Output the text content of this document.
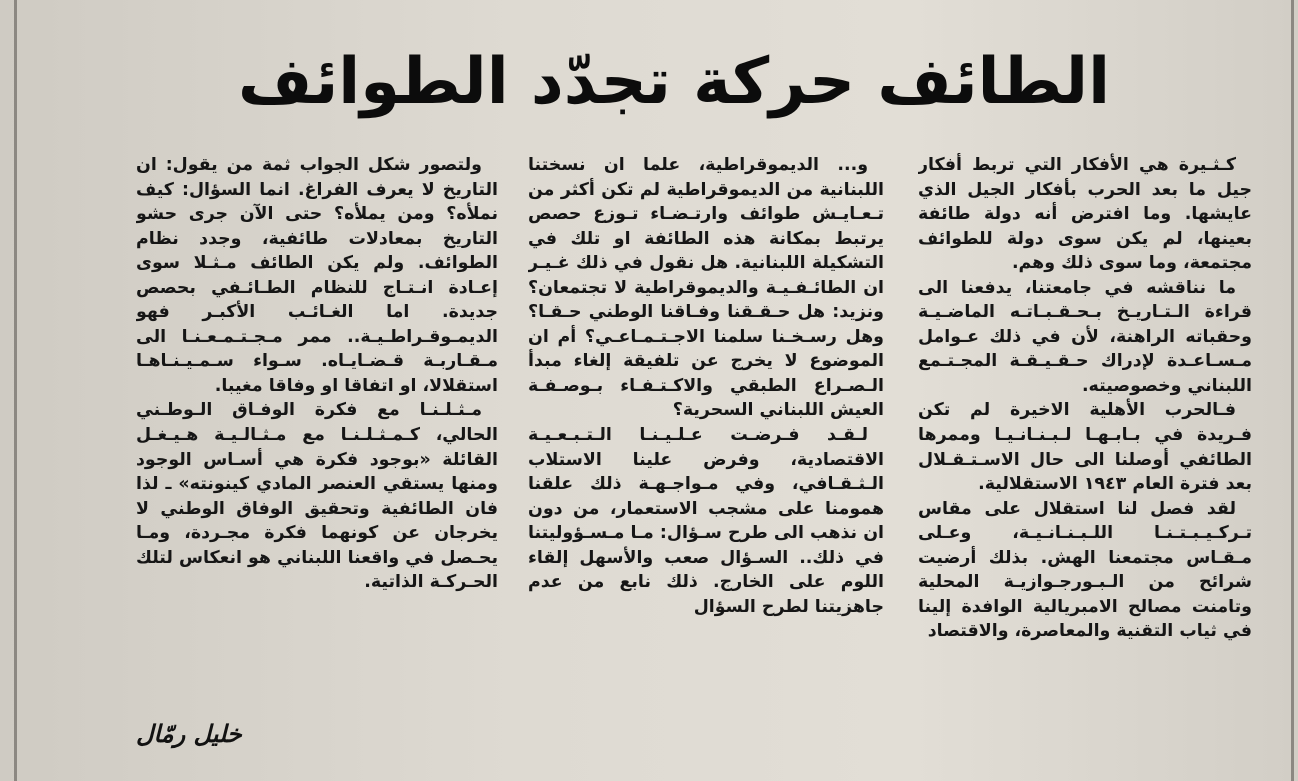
الطائف حركة تجدّد الطوائف

كـثـيرة هي الأفكار التي تربط أفكار جيل ما بعد الحرب بأفكار الجيل الذي عايشها. وما افترض أنه دولة طائفة بعينها، لم يكن سوى دولة للطوائف مجتمعة، وما سوى ذلك وهم.

ما نناقشه في جامعتنا، يدفعنا الى قراءة الـتـاريـخ بـحـقـبـاتـه الماضـيـة وحقباته الراهنة، لأن في ذلك عـوامل مـسـاعـدة لإدراك حـقـيـقـة المجـتـمع اللبناني وخصوصيته.

فـالحرب الأهلية الاخيرة لم تكن فـريدة في بـابـهـا لـبـنـانـيـا وممرها الطائفي أوصلنا الى حال الاسـتـقـلال بعد فترة العام ١٩٤٣ الاستقلالية.

لقد فصل لنا استقلال على مقاس تـركـيـبـتـنـا اللـبـنـانـيـة، وعـلى مـقـاس مجتمعنا الهش. بذلك أرضيت شرائح من الـبـورجـوازيـة المحلية وتامنت مصالح الامبريالية الوافدة إلينا في ثياب التقنية والمعاصرة، والاقتصاد

و... الديموقراطية، علما ان نسختنا اللبنانية من الديموقراطية لم تكن أكثر من تـعـايـش طوائف وارتـضـاء تـوزع حصص يرتبط بمكانة هذه الطائفة او تلك في التشكيلة اللبنانية. هل نقول في ذلك غـيـر ان الطائـفـيـة والديموقراطية لا تجتمعان؟ ونزيد: هل حـقـقنا وفـاقنا الوطني حـقـا؟ وهل رسـخـنا سلمنا الاجـتـمـاعـي؟ أم ان الموضوع لا يخرج عن تلفيقة إلغاء مبدأ الـصـراع الطبقي والاكـتـفـاء بـوصـفـة العيش اللبناني السحرية؟

لـقـد فـرضـت عـلـيـنـا الـتـبـعـيـة الاقتصادية، وفرض علينا الاستلاب الـثـقـافي، وفي مـواجـهـة ذلك علقنا همومنا على مشجب الاستعمار، من دون ان نذهب الى طرح سـؤال: مـا مـسـؤوليتنا في ذلك.. السـؤال صعب والأسهل إلقاء اللوم على الخارج. ذلك نابع من عدم جاهزيتنا لطرح السؤال

ولتصور شكل الجواب ثمة من يقول: ان التاريخ لا يعرف الفراغ. انما السؤال: كيف نملأه؟ ومن يملأه؟ حتى الآن جرى حشو التاريخ بمعادلات طائفية، وجدد نظام الطوائف. ولم يكن الطائف مـثـلا سوى إعـادة انـتـاج للنظام الطـائـفي بحصص جديدة. اما الغـائـب الأكبـر فهو الديمـوقـراطـيـة.. ممر مـجـتـمـعـنـا الى مـقـاربـة قـضـايـاه. سـواء سـمـيـنـاهـا استقلالا، او اتفاقا او وفاقا مغيبا.

مـثـلـنـا مع فكرة الوفـاق الـوطـني الحالي، كـمـثـلـنـا مع مـثـالـيـة هـيـغـل القائلة «بوجود فكرة هي أسـاس الوجود ومنها يستقي العنصر المادي كينونته» ـ لذا فان الطائفية وتحقيق الوفاق الوطني لا يخرجان عن كونهما فكرة مجـردة، ومـا يحـصل في واقعنا اللبناني هو انعكاس لتلك الحـركـة الذاتية.

خليل رمّال
